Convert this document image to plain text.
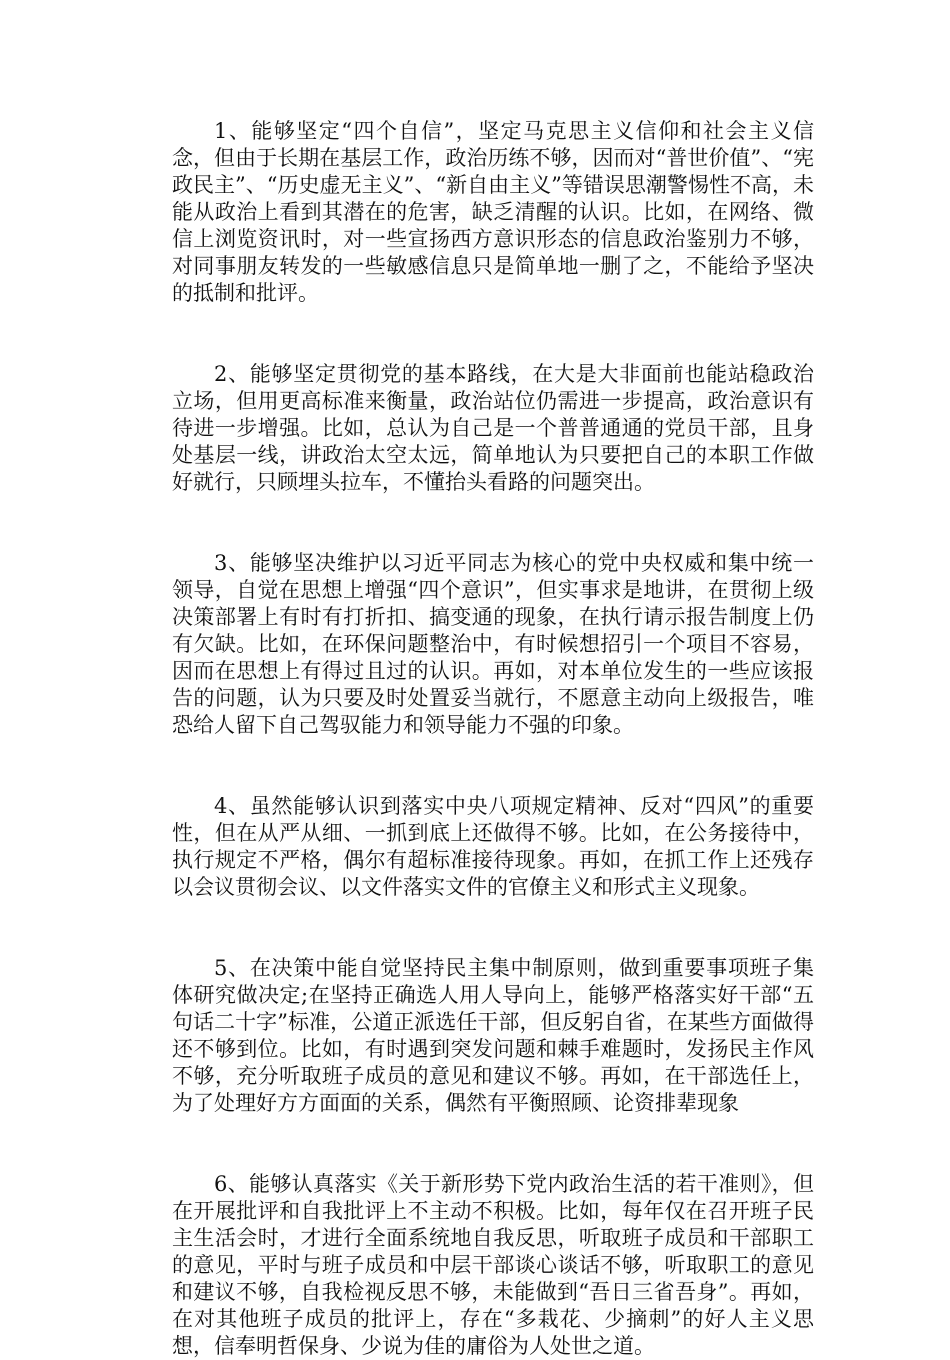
1、能够坚定“四个自信”，坚定马克思主义信仰和社会主义信念，但由于长期在基层工作，政治历练不够，因而对“普世价值”、“宪政民主”、“历史虚无主义”、“新自由主义”等错误思潮警惕性不高，未能从政治上看到其潜在的危害，缺乏清醒的认识。比如，在网络、微信上浏览资讯时，对一些宣扬西方意识形态的信息政治鉴别力不够，对同事朋友转发的一些敏感信息只是简单地一删了之，不能给予坚决的抵制和批评。

2、能够坚定贯彻党的基本路线，在大是大非面前也能站稳政治立场，但用更高标准来衡量，政治站位仍需进一步提高，政治意识有待进一步增强。比如，总认为自己是一个普普通通的党员干部，且身处基层一线，讲政治太空太远，简单地认为只要把自己的本职工作做好就行，只顾埋头拉车，不懂抬头看路的问题突出。

3、能够坚决维护以习近平同志为核心的党中央权威和集中统一领导，自觉在思想上增强“四个意识”，但实事求是地讲，在贯彻上级决策部署上有时有打折扣、搞变通的现象，在执行请示报告制度上仍有欠缺。比如，在环保问题整治中，有时候想招引一个项目不容易，因而在思想上有得过且过的认识。再如，对本单位发生的一些应该报告的问题，认为只要及时处置妥当就行，不愿意主动向上级报告，唯恐给人留下自己驾驭能力和领导能力不强的印象。

4、虽然能够认识到落实中央八项规定精神、反对“四风”的重要性，但在从严从细、一抓到底上还做得不够。比如，在公务接待中，执行规定不严格，偶尔有超标准接待现象。再如，在抓工作上还残存以会议贯彻会议、以文件落实文件的官僚主义和形式主义现象。

5、在决策中能自觉坚持民主集中制原则，做到重要事项班子集体研究做决定;在坚持正确选人用人导向上，能够严格落实好干部“五句话二十字”标准，公道正派选任干部，但反躬自省，在某些方面做得还不够到位。比如，有时遇到突发问题和棘手难题时，发扬民主作风不够，充分听取班子成员的意见和建议不够。再如，在干部选任上，为了处理好方方面面的关系，偶然有平衡照顾、论资排辈现象

6、能够认真落实《关于新形势下党内政治生活的若干准则》，但在开展批评和自我批评上不主动不积极。比如，每年仅在召开班子民主生活会时，才进行全面系统地自我反思，听取班子成员和干部职工的意见，平时与班子成员和中层干部谈心谈话不够，听取职工的意见和建议不够，自我检视反思不够，未能做到“吾日三省吾身”。再如，在对其他班子成员的批评上，存在“多栽花、少摘刺”的好人主义思想，信奉明哲保身、少说为佳的庸俗为人处世之道。
